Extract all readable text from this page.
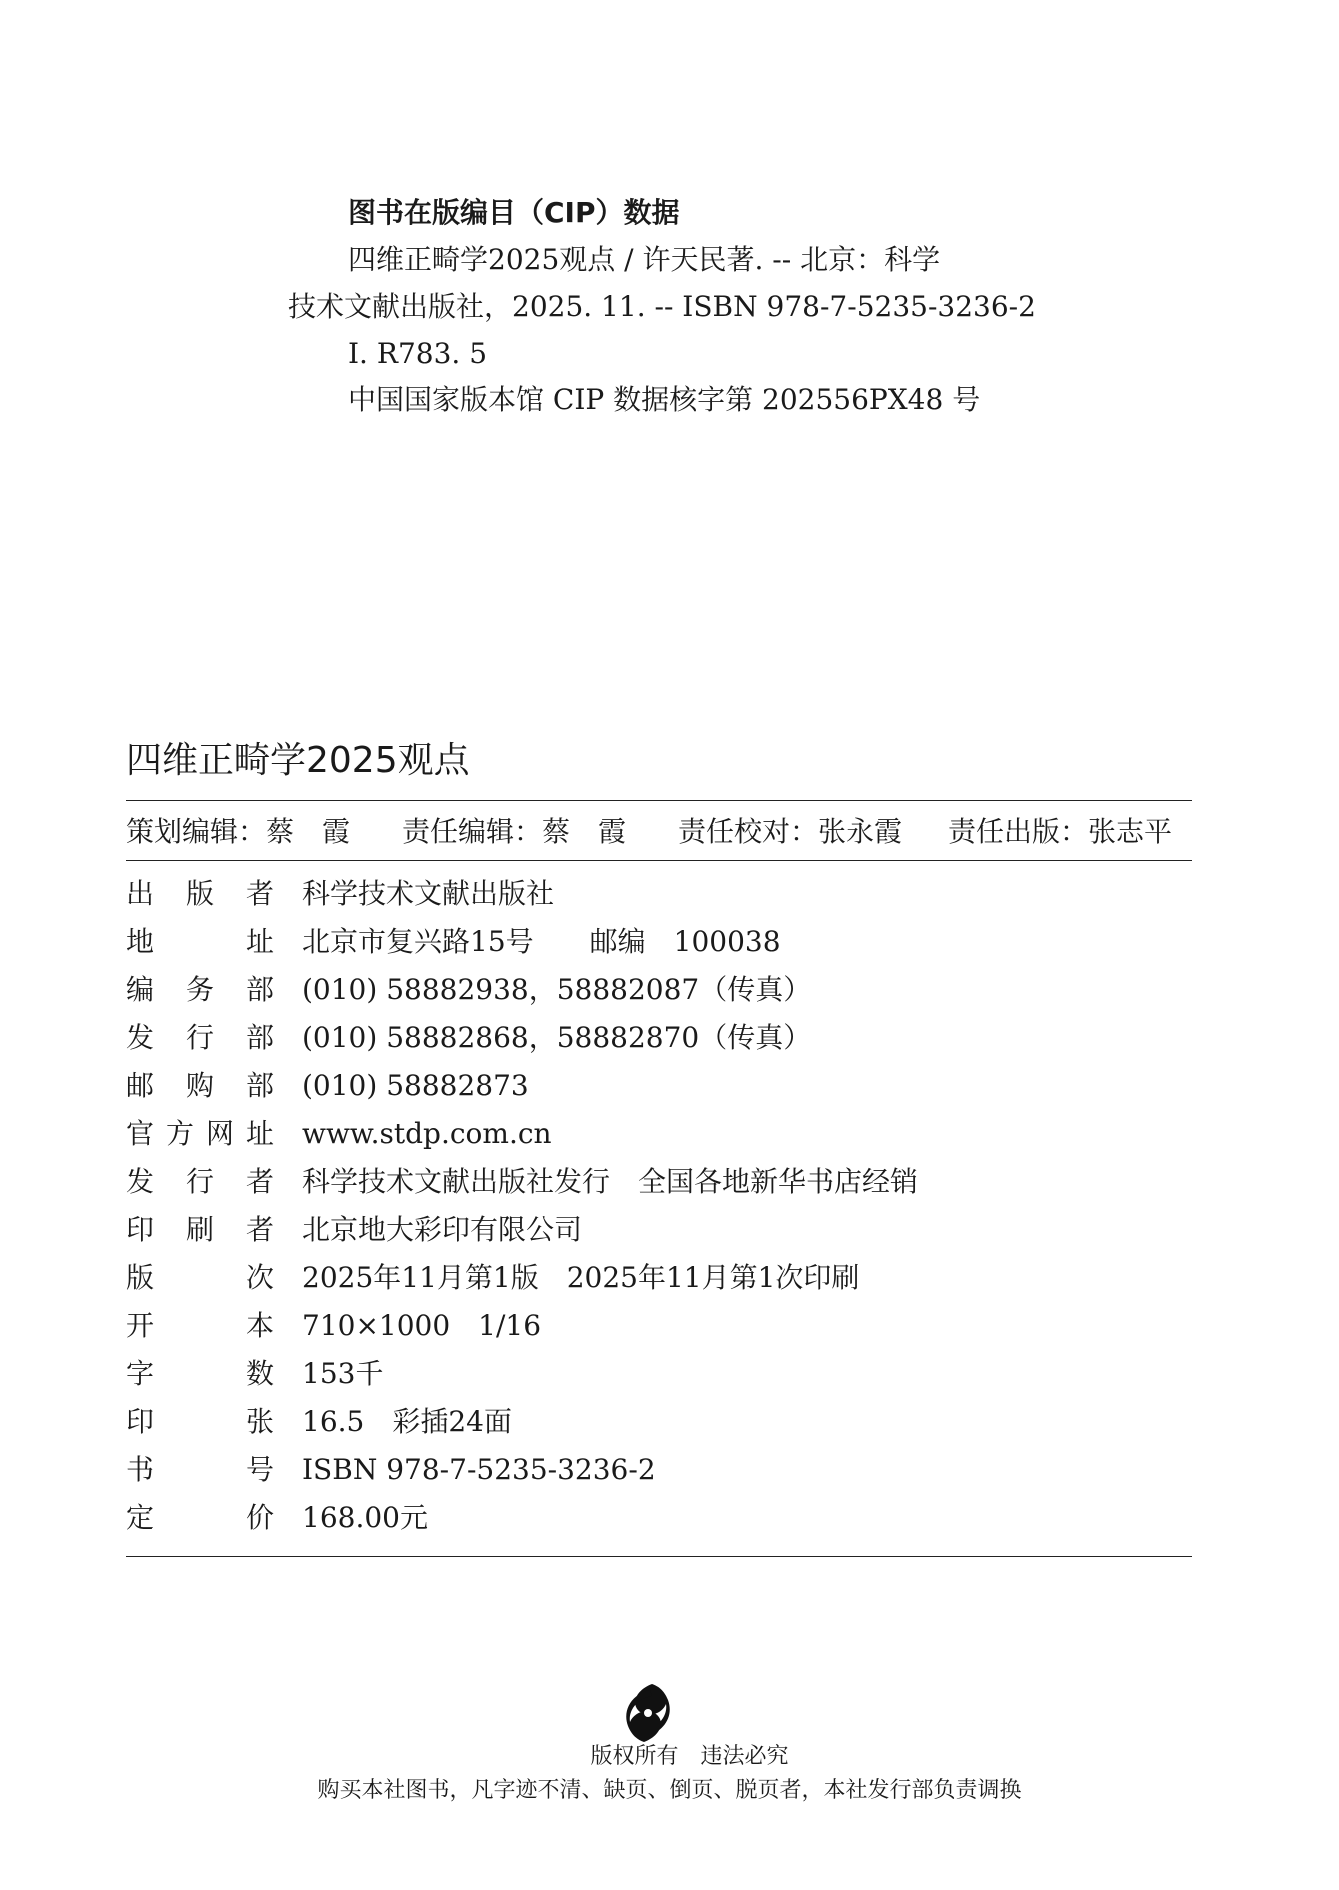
图书在版编目（CIP）数据
四维正畸学2025观点 / 许天民著. -- 北京：科学
技术文献出版社，2025. 11. -- ISBN 978-7-5235-3236-2
Ⅰ. R783. 5
中国国家版本馆 CIP 数据核字第 202556PX48 号
四维正畸学2025观点
策划编辑：蔡　霞 责任编辑：蔡　霞 责任校对：张永霞 责任出版：张志平
出版者 科学技术文献出版社
地址 北京市复兴路15号　　邮编　100038
编务部 (010) 58882938，58882087（传真）
发行部 (010) 58882868，58882870（传真）
邮购部 (010) 58882873
官方网址 www.stdp.com.cn
发行者 科学技术文献出版社发行　全国各地新华书店经销
印刷者 北京地大彩印有限公司
版次 2025年11月第1版　2025年11月第1次印刷
开本 710×1000　1/16
字数 153千
印张 16.5　彩插24面
书号 ISBN 978-7-5235-3236-2
定价 168.00元
版权所有　违法必究
购买本社图书，凡字迹不清、缺页、倒页、脱页者，本社发行部负责调换
